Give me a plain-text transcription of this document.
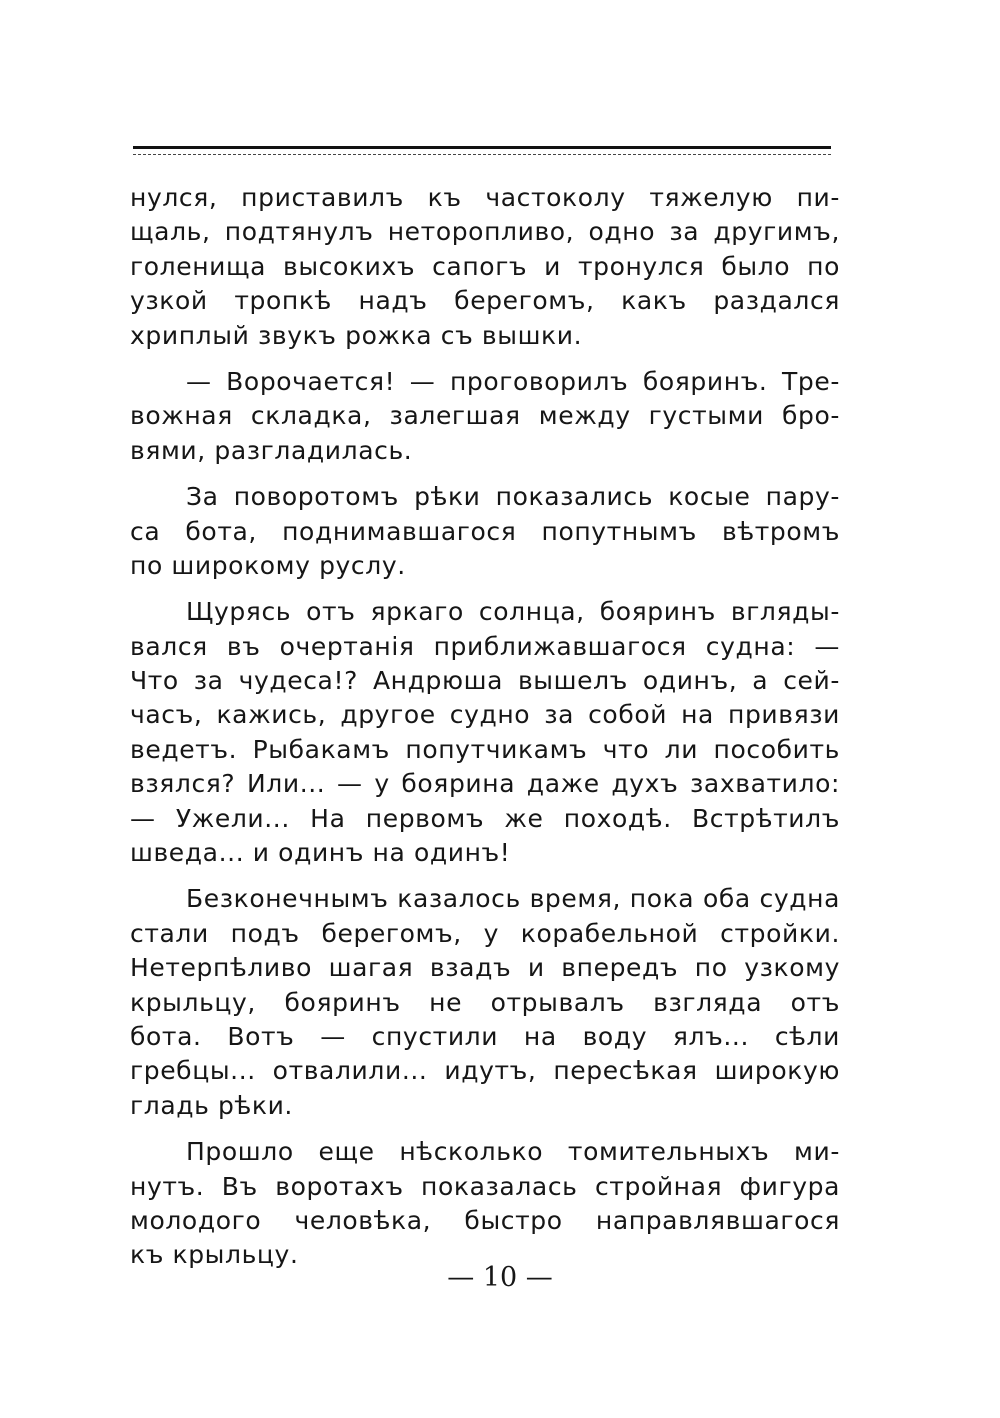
нулся, приставилъ къ частоколу тяжелую пи-
щаль, подтянулъ неторопливо, одно за другимъ,
голенища высокихъ сапогъ и тронулся было по
узкой тропкѣ надъ берегомъ, какъ раздался
хриплый звукъ рожка съ вышки.
— Ворочается! — проговорилъ бояринъ. Тре-
вожная складка, залегшая между густыми бро-
вями, разгладилась.
За поворотомъ рѣки показались косые пару-
са бота, поднимавшагося попутнымъ вѣтромъ
по широкому руслу.
Щурясь отъ яркаго солнца, бояринъ вгляды-
вался въ очертанія приближавшагося судна: —
Что за чудеса!? Андрюша вышелъ одинъ, а сей-
часъ, кажись, другое судно за собой на привязи
ведетъ. Рыбакамъ попутчикамъ что ли пособить
взялся? Или... — у боярина даже духъ захватило:
— Ужели... На первомъ же походѣ. Встрѣтилъ
шведа... и одинъ на одинъ!
Безконечнымъ казалось время, пока оба судна
стали подъ берегомъ, у корабельной стройки.
Нетерпѣливо шагая взадъ и впередъ по узкому
крыльцу, бояринъ не отрывалъ взгляда отъ
бота. Вотъ — спустили на воду ялъ... сѣли
гребцы... отвалили... идутъ, пересѣкая широкую
гладь рѣки.
Прошло еще нѣсколько томительныхъ ми-
нутъ. Въ воротахъ показалась стройная фигура
молодого человѣка, быстро направлявшагося
къ крыльцу.
— 10 —
